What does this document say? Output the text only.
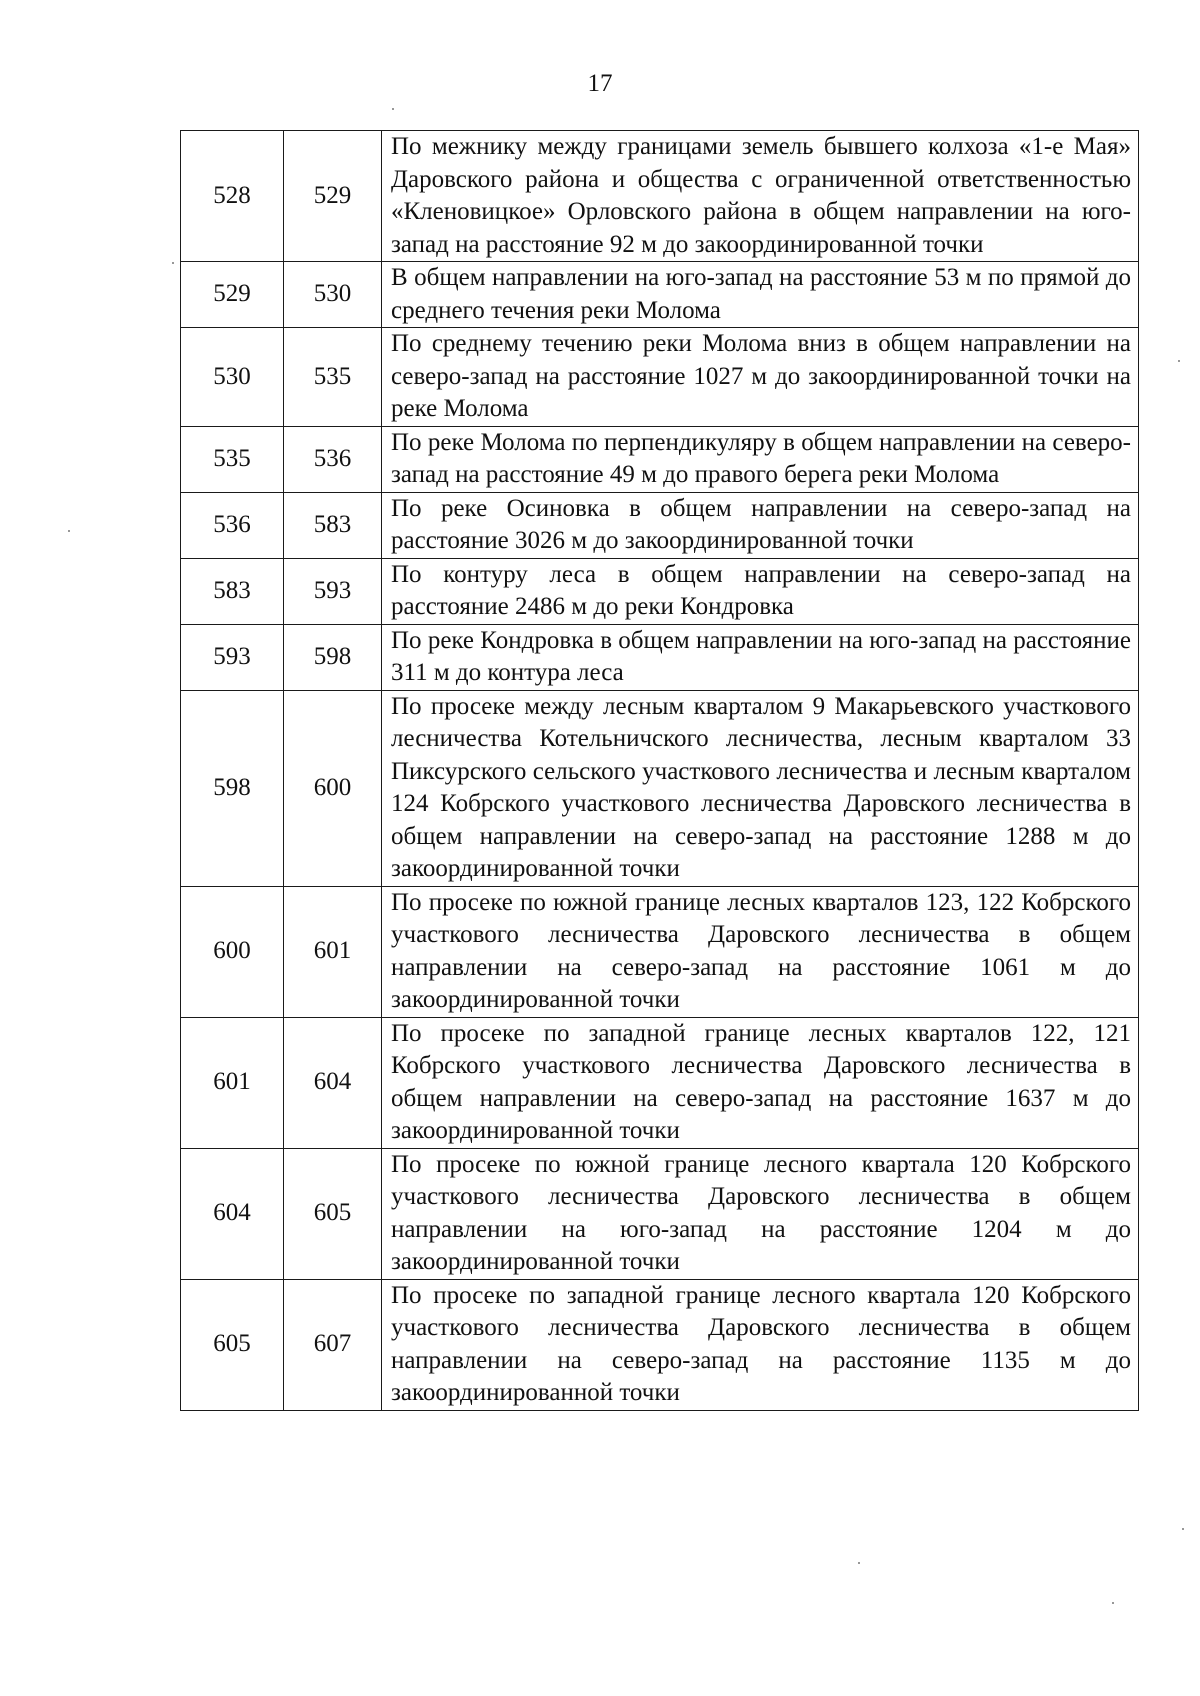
17
528	529	По межнику между границами земель бывшего колхоза «1-е Мая» Даровского района и общества с ограниченной ответственностью «Кленовицкое» Орловского района в общем направлении на юго-запад на расстояние 92 м до закоординированной точки
529	530	В общем направлении на юго-запад на расстояние 53 м по прямой до среднего течения реки Молома
530	535	По среднему течению реки Молома вниз в общем направлении на северо-запад на расстояние 1027 м до закоординированной точки на реке Молома
535	536	По реке Молома по перпендикуляру в общем направлении на северо-запад на расстояние 49 м до правого берега реки Молома
536	583	По реке Осиновка в общем направлении на северо-запад на расстояние 3026 м до закоординированной точки
583	593	По контуру леса в общем направлении на северо-запад на расстояние 2486 м до реки Кондровка
593	598	По реке Кондровка в общем направлении на юго-запад на расстояние 311 м до контура леса
598	600	По просеке между лесным кварталом 9 Макарьевского участкового лесничества Котельничского лесничества, лесным кварталом 33 Пиксурского сельского участкового лесничества и лесным кварталом 124 Кобрского участкового лесничества Даровского лесничества в общем направлении на северо-запад на расстояние 1288 м до закоординированной точки
600	601	По просеке по южной границе лесных кварталов 123, 122 Кобрского участкового лесничества Даровского лесничества в общем направлении на северо-запад на расстояние 1061 м до закоординированной точки
601	604	По просеке по западной границе лесных кварталов 122, 121 Кобрского участкового лесничества Даровского лесничества в общем направлении на северо-запад на расстояние 1637 м до закоординированной точки
604	605	По просеке по южной границе лесного квартала 120 Кобрского участкового лесничества Даровского лесничества в общем направлении на юго-запад на расстояние 1204 м до закоординированной точки
605	607	По просеке по западной границе лесного квартала 120 Кобрского участкового лесничества Даровского лесничества в общем направлении на северо-запад на расстояние 1135 м до закоординированной точки
